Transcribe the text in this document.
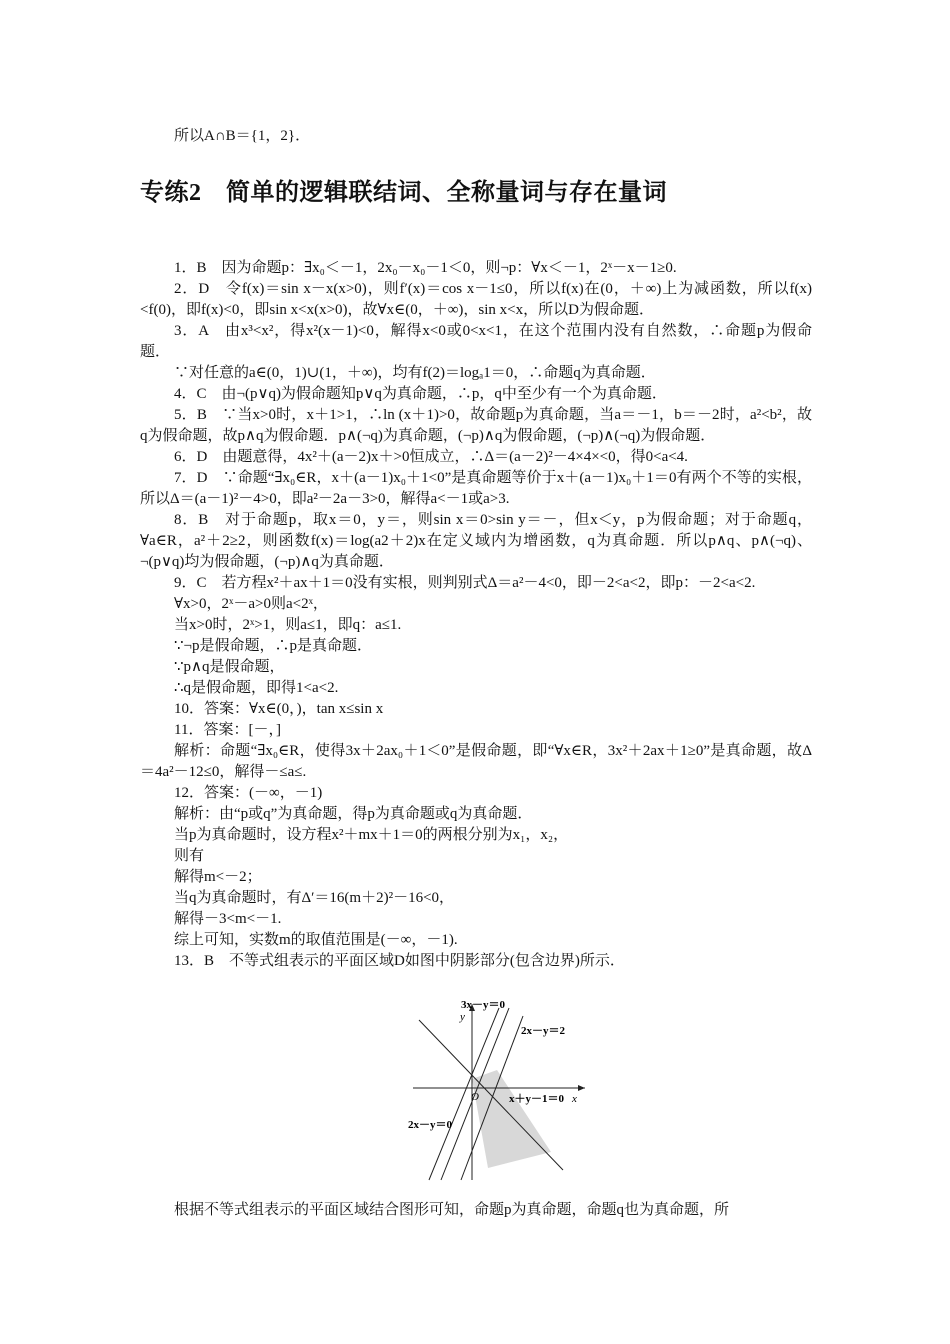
所以A∩B＝{1，2}．
专练2　简单的逻辑联结词、全称量词与存在量词

1．B　因为命题p：∃x₀＜－1，2x₀－x₀－1＜0，则¬p：∀x＜－1，2ˣ－x－1≥0.

2．D　令f(x)＝sin x－x(x>0)，则f′(x)＝cos x－1≤0，所以f(x)在(0，＋∞)上为减函数，所以f(x)<f(0)，即f(x)<0，即sin x<x(x>0)，故∀x∈(0，＋∞)，sin x<x，所以D为假命题．

3．A　由x³<x²，得x²(x－1)<0，解得x<0或0<x<1，在这个范围内没有自然数，∴命题p为假命题．

∵对任意的a∈(0，1)∪(1，＋∞)，均有f(2)＝logₐ1＝0，∴命题q为真命题．

4．C　由¬(p∨q)为假命题知p∨q为真命题，∴p，q中至少有一个为真命题．

5．B　∵当x>0时，x＋1>1，∴ln (x＋1)>0，故命题p为真命题，当a＝－1，b＝－2时，a²<b²，故q为假命题，故p∧q为假命题．p∧(¬q)为真命题，(¬p)∧q为假命题，(¬p)∧(¬q)为假命题．

6．D　由题意得，4x²＋(a－2)x＋>0恒成立，∴Δ＝(a－2)²－4×4×<0，得0<a<4.

7．D　∵命题“∃x₀∈R，x＋(a－1)x₀＋1<0”是真命题等价于x＋(a－1)x₀＋1＝0有两个不等的实根，所以Δ＝(a－1)²－4>0，即a²－2a－3>0，解得a<－1或a>3.

8．B　对于命题p，取x＝0，y＝，则sin x＝0>sin y＝－，但x＜y，p为假命题；对于命题q，∀a∈R，a²＋2≥2，则函数f(x)＝log(a2＋2)x在定义域内为增函数，q为真命题．所以p∧q、p∧(¬q)、¬(p∨q)均为假命题，(¬p)∧q为真命题．

9．C　若方程x²＋ax＋1＝0没有实根，则判别式Δ＝a²－4<0，即－2<a<2，即p：－2<a<2.

∀x>0，2ˣ－a>0则a<2ˣ，

当x>0时，2ˣ>1，则a≤1，即q：a≤1.

∵¬p是假命题，∴p是真命题．

∵p∧q是假命题，

∴q是假命题，即得1<a<2.

10．答案：∀x∈(0，)，tan x≤sin x

11．答案：[－，]

解析：命题“∃x₀∈R，使得3x＋2ax₀＋1＜0”是假命题，即“∀x∈R，3x²＋2ax＋1≥0”是真命题，故Δ＝4a²－12≤0，解得－≤a≤.

12．答案：(－∞，－1)

解析：由“p或q”为真命题，得p为真命题或q为真命题．

当p为真命题时，设方程x²＋mx＋1＝0的两根分别为x₁，x₂，

则有

解得m<－2；

当q为真命题时，有Δ′＝16(m＋2)²－16<0，

解得－3<m<－1.

综上可知，实数m的取值范围是(－∞，－1).

13．B　不等式组表示的平面区域D如图中阴影部分(包含边界)所示．

3x－y＝0
2x－y＝2
x＋y－1＝0
2x－y＝0
x
y
O
根据不等式组表示的平面区域结合图形可知，命题p为真命题，命题q也为真命题，所
